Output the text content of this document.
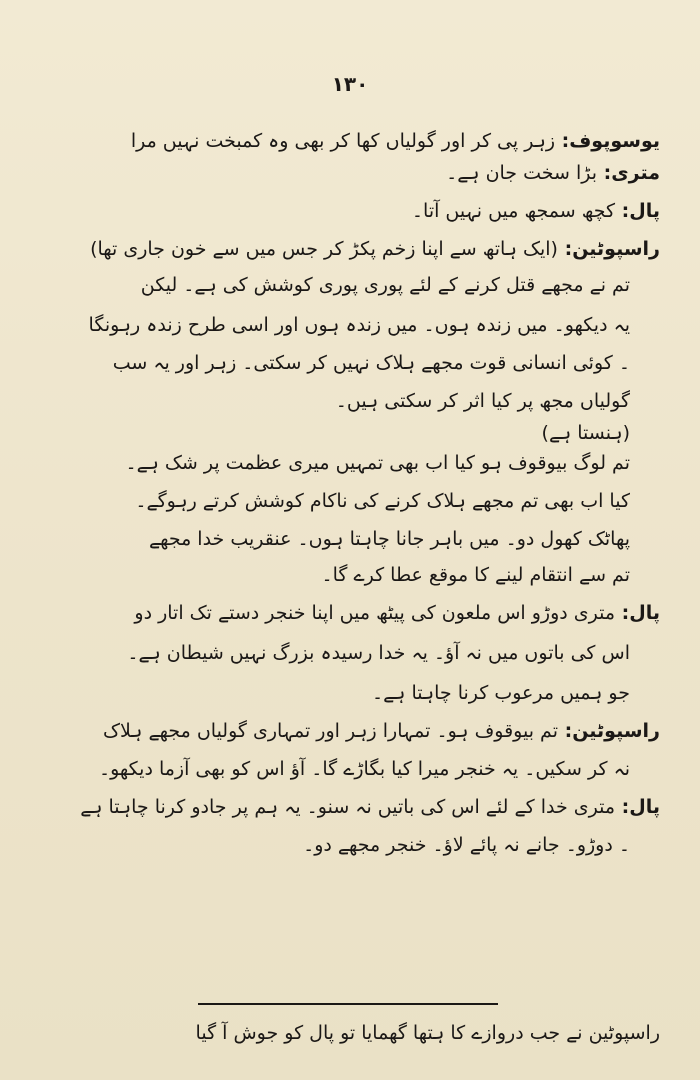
۱۳۰
یوسوپوف: زہر پی کر اور گولیاں کھا کر بھی وہ کمبخت نہیں مرا
متری: بڑا سخت جان ہے۔
پال: کچھ سمجھ میں نہیں آتا۔
راسپوٹین: (ایک ہاتھ سے اپنا زخم پکڑ کر جس میں سے خون جاری تھا)
تم نے مجھے قتل کرنے کے لئے پوری پوری کوشش کی ہے۔ لیکن
یہ دیکھو۔ میں زندہ ہوں۔ میں زندہ ہوں اور اسی طرح زندہ رہونگا
۔ کوئی انسانی قوت مجھے ہلاک نہیں کر سکتی۔ زہر اور یہ سب
گولیاں مجھ پر کیا اثر کر سکتی ہیں۔
(ہنستا ہے)
تم لوگ بیوقوف ہو کیا اب بھی تمہیں میری عظمت پر شک ہے۔
کیا اب بھی تم مجھے ہلاک کرنے کی ناکام کوشش کرتے رہوگے۔
پھاٹک کھول دو۔ میں باہر جانا چاہتا ہوں۔ عنقریب خدا مجھے
تم سے انتقام لینے کا موقع عطا کرے گا۔
پال: متری دوڑو اس ملعون کی پیٹھ میں اپنا خنجر دستے تک اتار دو
اس کی باتوں میں نہ آؤ۔ یہ خدا رسیدہ بزرگ نہیں شیطان ہے۔
جو ہمیں مرعوب کرنا چاہتا ہے۔
راسپوٹین: تم بیوقوف ہو۔ تمہارا زہر اور تمہاری گولیاں مجھے ہلاک
نہ کر سکیں۔ یہ خنجر میرا کیا بگاڑے گا۔ آؤ اس کو بھی آزما دیکھو۔
پال: متری خدا کے لئے اس کی باتیں نہ سنو۔ یہ ہم پر جادو کرنا چاہتا ہے
۔ دوڑو۔ جانے نہ پائے لاؤ۔ خنجر مجھے دو۔
راسپوٹین نے جب دروازے کا ہتھا گھمایا تو پال کو جوش آ گیا
